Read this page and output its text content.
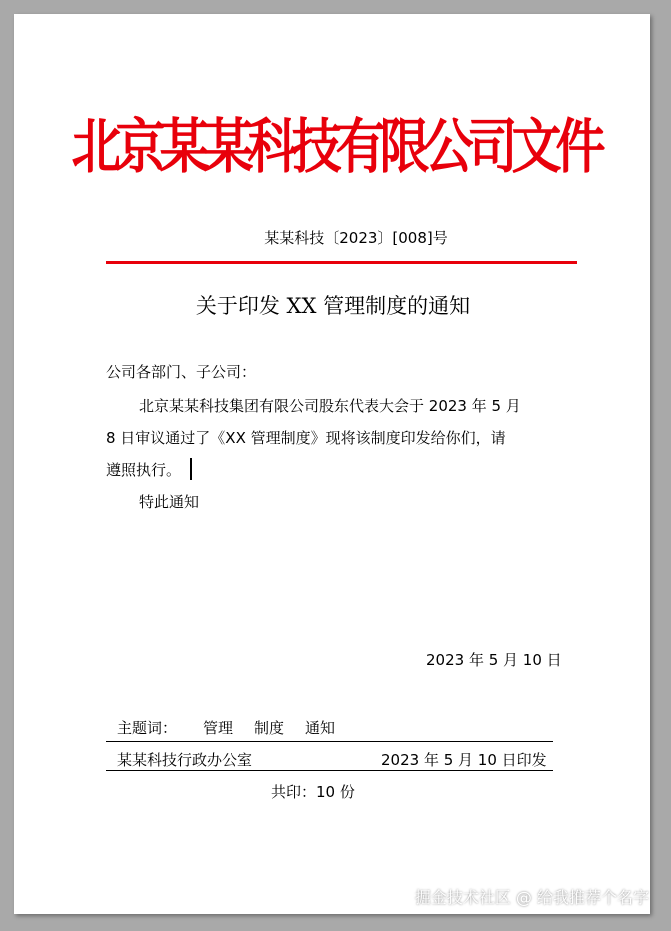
北京某某科技有限公司文件
某某科技〔2023〕[008]号
关于印发 XX 管理制度的通知
公司各部门、子公司：
北京某某科技集团有限公司股东代表大会于 2023 年 5 月
8 日审议通过了《XX 管理制度》现将该制度印发给你们，请
遵照执行。
特此通知
2023 年 5 月 10 日
主题词： 管理 制度 通知
某某科技行政办公室	2023 年 5 月 10 日印发
共印：10 份
掘金技术社区 @ 给我推荐个名字
